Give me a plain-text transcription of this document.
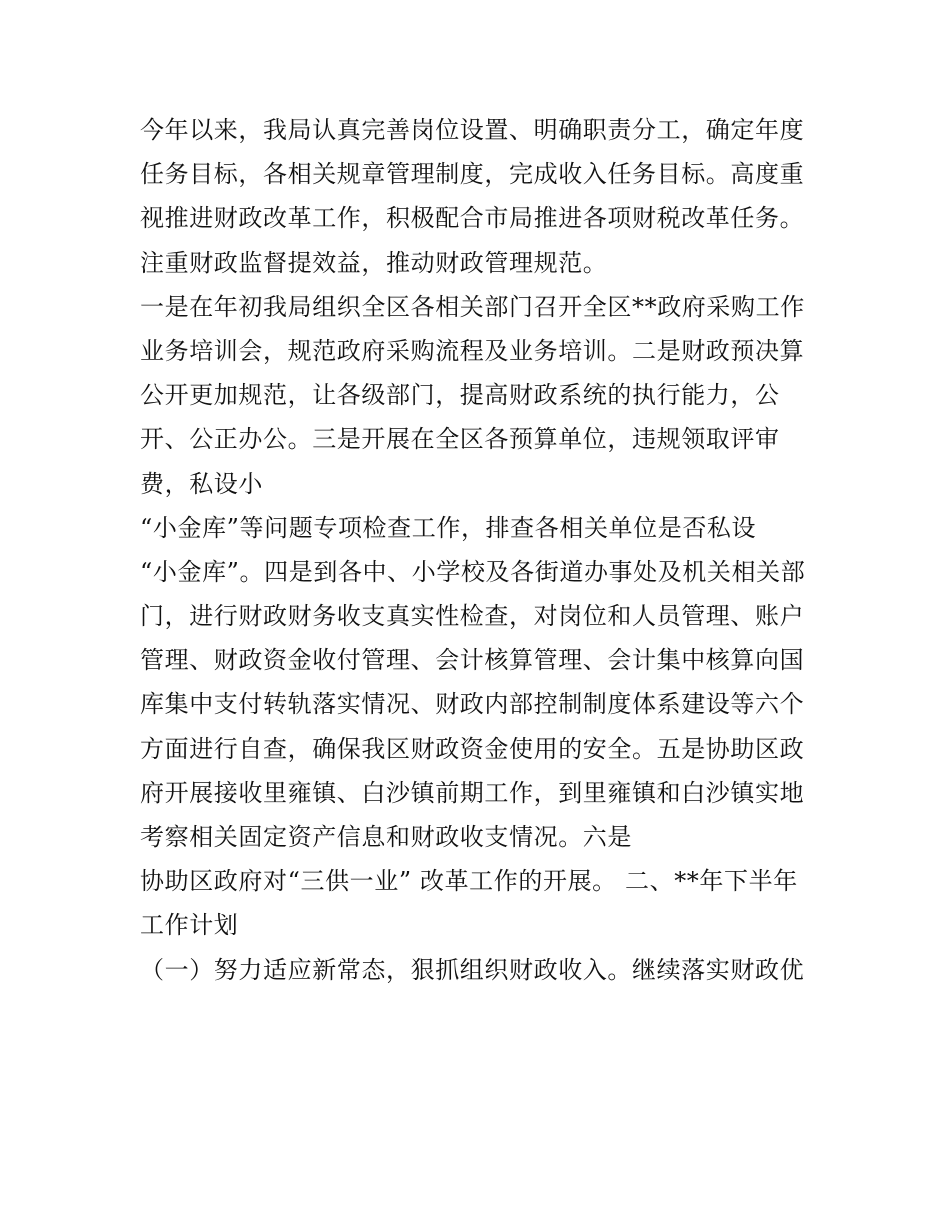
今年以来，我局认真完善岗位设置、明确职责分工，确定年度
任务目标，各相关规章管理制度，完成收入任务目标。高度重
视推进财政改革工作，积极配合市局推进各项财税改革任务。
注重财政监督提效益，推动财政管理规范。
一是在年初我局组织全区各相关部门召开全区**政府采购工作
业务培训会，规范政府采购流程及业务培训。二是财政预决算
公开更加规范，让各级部门，提高财政系统的执行能力，公
开、公正办公。三是开展在全区各预算单位，违规领取评审
费，私设小
“小金库”等问题专项检查工作，排查各相关单位是否私设
“小金库”。四是到各中、小学校及各街道办事处及机关相关部
门，进行财政财务收支真实性检查，对岗位和人员管理、账户
管理、财政资金收付管理、会计核算管理、会计集中核算向国
库集中支付转轨落实情况、财政内部控制制度体系建设等六个
方面进行自查，确保我区财政资金使用的安全。五是协助区政
府开展接收里雍镇、白沙镇前期工作，到里雍镇和白沙镇实地
考察相关固定资产信息和财政收支情况。六是
协助区政府对“三供一业” 改革工作的开展。 二、**年下半年
工作计划
（一）努力适应新常态，狠抓组织财政收入。继续落实财政优
